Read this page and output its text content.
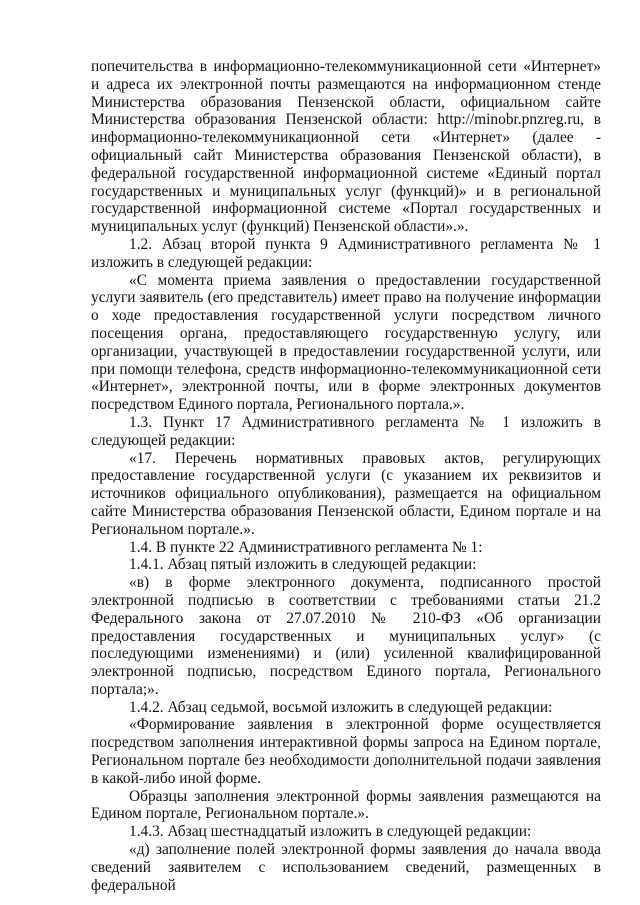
попечительства в информационно-телекоммуникационной сети «Интернет» и адреса их электронной почты размещаются на информационном стенде Министерства образования Пензенской области, официальном сайте Министерства образования Пензенской области: http://minobr.pnzreg.ru, в информационно-телекоммуникационной сети «Интернет» (далее - официальный сайт Министерства образования Пензенской области), в федеральной государственной информационной системе «Единый портал государственных и муниципальных услуг (функций)» и в региональной государственной информационной системе «Портал государственных и муниципальных услуг (функций) Пензенской области».».

1.2. Абзац второй пункта 9 Административного регламента № 1 изложить в следующей редакции:

«С момента приема заявления о предоставлении государственной услуги заявитель (его представитель) имеет право на получение информации о ходе предоставления государственной услуги посредством личного посещения органа, предоставляющего государственную услугу, или организации, участвующей в предоставлении государственной услуги, или при помощи телефона, средств информационно-телекоммуникационной сети «Интернет», электронной почты, или в форме электронных документов посредством Единого портала, Регионального портала.».

1.3. Пункт 17 Административного регламента № 1 изложить в следующей редакции:

«17. Перечень нормативных правовых актов, регулирующих предоставление государственной услуги (с указанием их реквизитов и источников официального опубликования), размещается на официальном сайте Министерства образования Пензенской области, Едином портале и на Региональном портале.».

1.4. В пункте 22 Административного регламента № 1:

1.4.1. Абзац пятый изложить в следующей редакции:

«в) в форме электронного документа, подписанного простой электронной подписью в соответствии с требованиями статьи 21.2 Федерального закона от 27.07.2010 № 210-ФЗ «Об организации предоставления государственных и муниципальных услуг» (с последующими изменениями) и (или) усиленной квалифицированной электронной подписью, посредством Единого портала, Регионального портала;».

1.4.2. Абзац седьмой, восьмой изложить в следующей редакции:

«Формирование заявления в электронной форме осуществляется посредством заполнения интерактивной формы запроса на Едином портале, Региональном портале без необходимости дополнительной подачи заявления в какой-либо иной форме.

Образцы заполнения электронной формы заявления размещаются на Едином портале, Региональном портале.».

1.4.3. Абзац шестнадцатый изложить в следующей редакции:

«д) заполнение полей электронной формы заявления до начала ввода сведений заявителем с использованием сведений, размещенных в федеральной
